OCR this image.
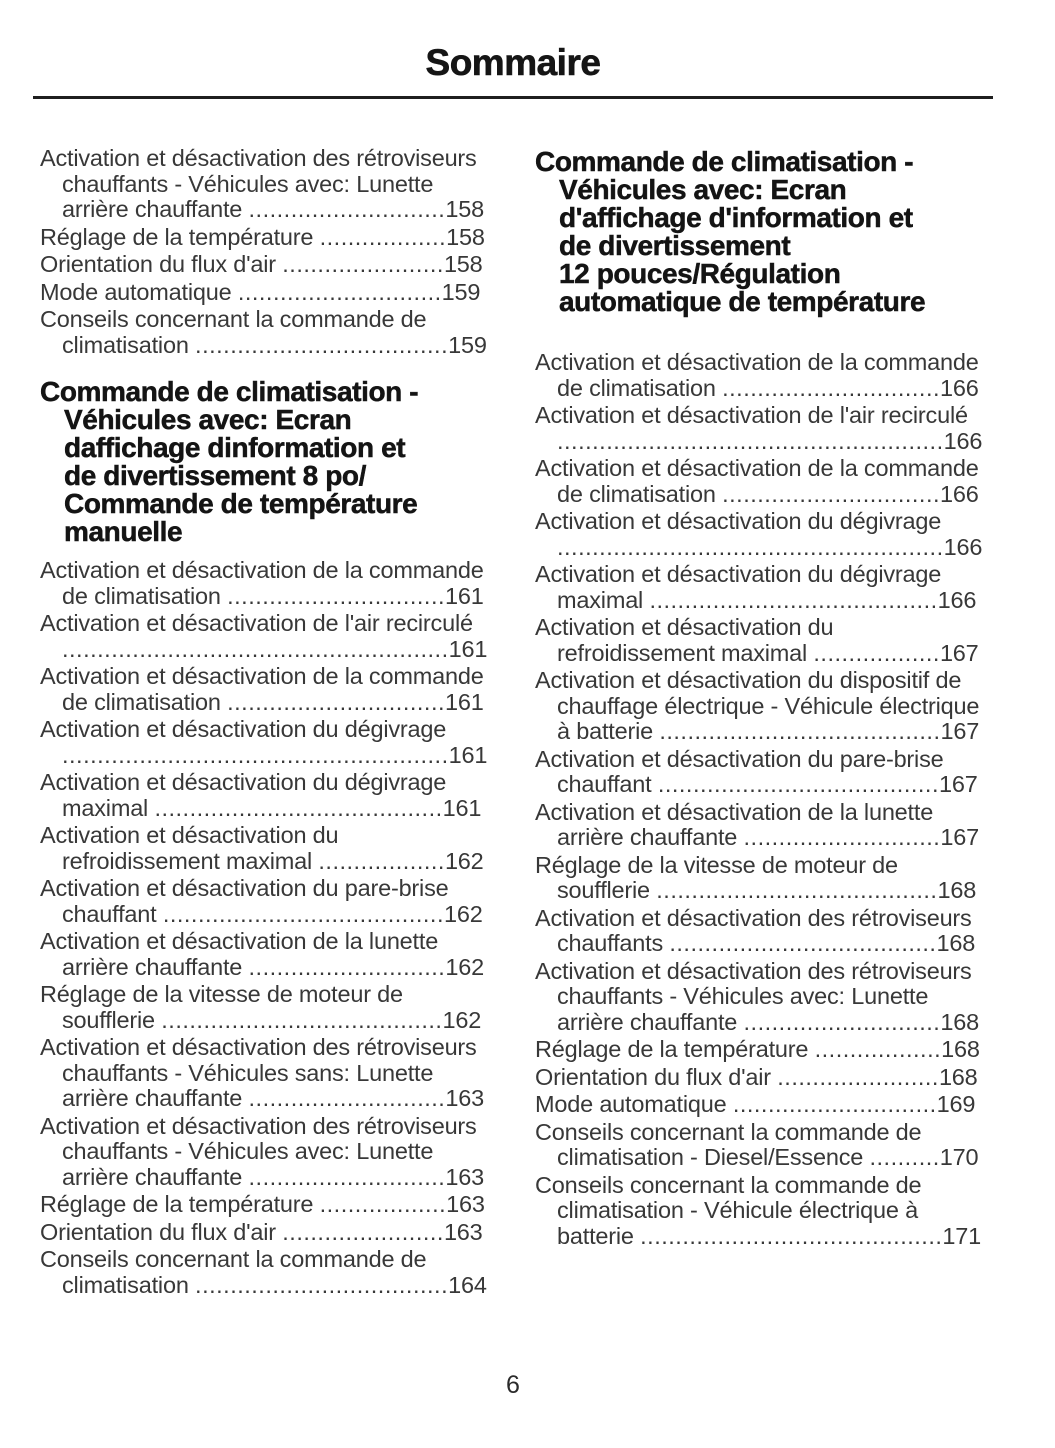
Sommaire
Activation et désactivation des rétroviseurs chauffants - Véhicules avec: Lunette arrière chauffante ............................158
Réglage de la température ..................158
Orientation du flux d'air .......................158
Mode automatique .............................159
Conseils concernant la commande de climatisation ....................................159
Commande de climatisation -
Véhicules avec: Ecran
daffichage dinformation et
de divertissement 8 po/
Commande de température
manuelle
Activation et désactivation de la commande de climatisation ...............................161
Activation et désactivation de l'air recirculé .......................................................161
Activation et désactivation de la commande de climatisation ...............................161
Activation et désactivation du dégivrage .......................................................161
Activation et désactivation du dégivrage maximal .........................................161
Activation et désactivation du refroidissement maximal ..................162
Activation et désactivation du pare-brise chauffant ........................................162
Activation et désactivation de la lunette arrière chauffante ............................162
Réglage de la vitesse de moteur de soufflerie ........................................162
Activation et désactivation des rétroviseurs chauffants - Véhicules sans: Lunette arrière chauffante ............................163
Activation et désactivation des rétroviseurs chauffants - Véhicules avec: Lunette arrière chauffante ............................163
Réglage de la température ..................163
Orientation du flux d'air .......................163
Conseils concernant la commande de climatisation ....................................164
Commande de climatisation -
Véhicules avec: Ecran
d'affichage d'information et
de divertissement
12 pouces/Régulation
automatique de température
Activation et désactivation de la commande de climatisation ...............................166
Activation et désactivation de l'air recirculé .......................................................166
Activation et désactivation de la commande de climatisation ...............................166
Activation et désactivation du dégivrage .......................................................166
Activation et désactivation du dégivrage maximal .........................................166
Activation et désactivation du refroidissement maximal ..................167
Activation et désactivation du dispositif de chauffage électrique - Véhicule électrique à batterie ........................................167
Activation et désactivation du pare-brise chauffant ........................................167
Activation et désactivation de la lunette arrière chauffante ............................167
Réglage de la vitesse de moteur de soufflerie ........................................168
Activation et désactivation des rétroviseurs chauffants ......................................168
Activation et désactivation des rétroviseurs chauffants - Véhicules avec: Lunette arrière chauffante ............................168
Réglage de la température ..................168
Orientation du flux d'air .......................168
Mode automatique .............................169
Conseils concernant la commande de climatisation - Diesel/Essence ..........170
Conseils concernant la commande de climatisation - Véhicule électrique à batterie ...........................................171
6
